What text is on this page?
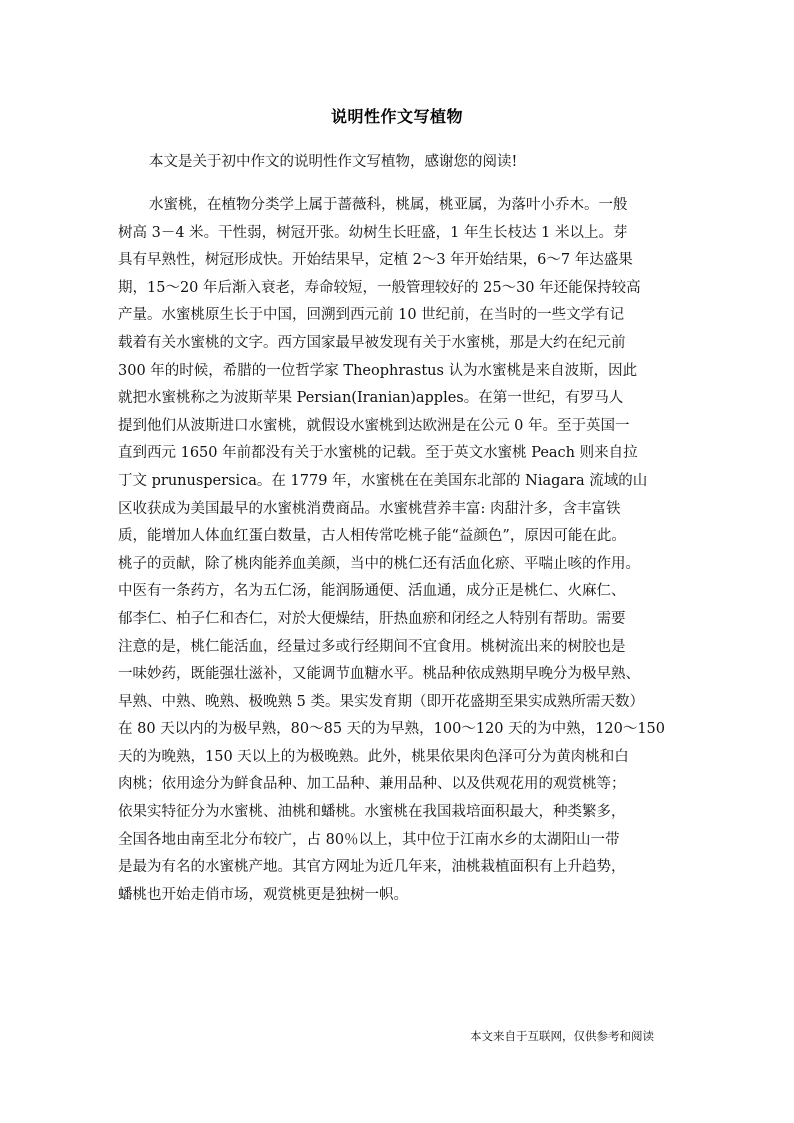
说明性作文写植物
本文是关于初中作文的说明性作文写植物，感谢您的阅读!
水蜜桃，在植物分类学上属于蔷薇科，桃属，桃亚属，为落叶小乔木。一般
树高 3－4 米。干性弱，树冠开张。幼树生长旺盛，1 年生长枝达 1 米以上。芽
具有早熟性，树冠形成快。开始结果早，定植 2～3 年开始结果，6～7 年达盛果
期，15～20 年后渐入衰老，寿命较短，一般管理较好的 25～30 年还能保持较高
产量。水蜜桃原生长于中国，回溯到西元前 10 世纪前，在当时的一些文学有记
载着有关水蜜桃的文字。西方国家最早被发现有关于水蜜桃，那是大约在纪元前
300 年的时候，希腊的一位哲学家 Theophrastus 认为水蜜桃是来自波斯，因此
就把水蜜桃称之为波斯苹果 Persian(Iranian)apples。在第一世纪，有罗马人
提到他们从波斯进口水蜜桃，就假设水蜜桃到达欧洲是在公元 0 年。至于英国一
直到西元 1650 年前都没有关于水蜜桃的记载。至于英文水蜜桃 Peach 则来自拉
丁文 prunuspersica。在 1779 年，水蜜桃在在美国东北部的 Niagara 流域的山
区收获成为美国最早的水蜜桃消费商品。水蜜桃营养丰富: 肉甜汁多，含丰富铁
质，能增加人体血红蛋白数量，古人相传常吃桃子能“益颜色”，原因可能在此。
桃子的贡献，除了桃肉能养血美颜，当中的桃仁还有活血化瘀、平喘止咳的作用。
中医有一条药方，名为五仁汤，能润肠通便、活血通，成分正是桃仁、火麻仁、
郁李仁、柏子仁和杏仁，对於大便燥结，肝热血瘀和闭经之人特别有帮助。需要
注意的是，桃仁能活血，经量过多或行经期间不宜食用。桃树流出来的树胶也是
一味妙药，既能强壮滋补，又能调节血糖水平。桃品种依成熟期早晚分为极早熟、
早熟、中熟、晚熟、极晚熟 5 类。果实发育期（即开花盛期至果实成熟所需天数）
在 80 天以内的为极早熟，80～85 天的为早熟，100～120 天的为中熟，120～150
天的为晚熟，150 天以上的为极晚熟。此外，桃果依果肉色泽可分为黄肉桃和白
肉桃；依用途分为鲜食品种、加工品种、兼用品种、以及供观花用的观赏桃等；
依果实特征分为水蜜桃、油桃和蟠桃。水蜜桃在我国栽培面积最大，种类繁多，
全国各地由南至北分布较广，占 80％以上，其中位于江南水乡的太湖阳山一带
是最为有名的水蜜桃产地。其官方网址为近几年来，油桃栽植面积有上升趋势，
蟠桃也开始走俏市场，观赏桃更是独树一帜。
本文来自于互联网，仅供参考和阅读
